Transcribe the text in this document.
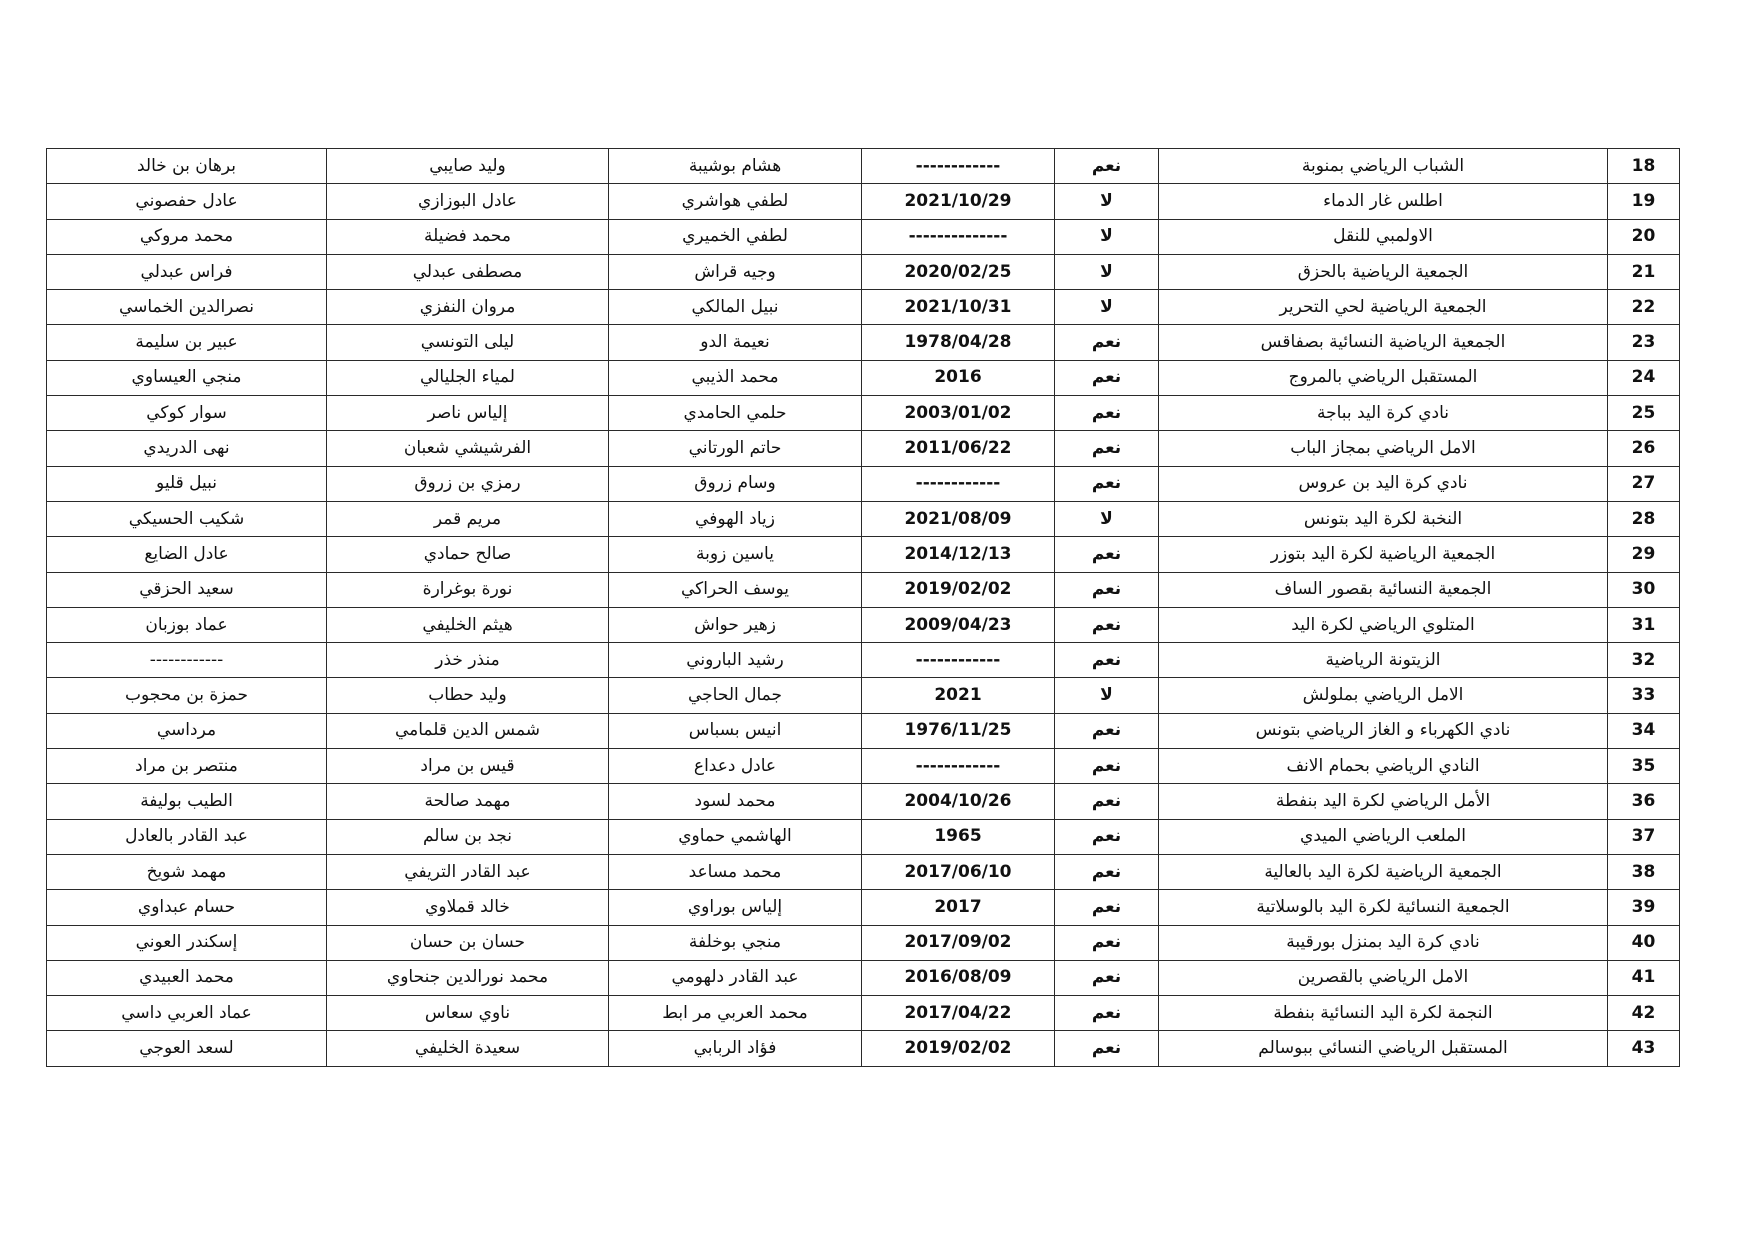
18	الشباب الرياضي بمنوبة	نعم	------------	هشام بوشيبة	وليد صايبي	برهان بن خالد
19	اطلس غار الدماء	لا	2021/10/29	لطفي هواشري	عادل البوزازي	عادل حفصوني
20	الاولمبي للنقل	لا	--------------	لطفي الخميري	محمد فضيلة	محمد مروكي
21	الجمعية الرياضية بالحزق	لا	2020/02/25	وجيه قراش	مصطفى عبدلي	فراس عبدلي
22	الجمعية الرياضية لحي التحرير	لا	2021/10/31	نبيل المالكي	مروان النفزي	نصرالدين الخماسي
23	الجمعية الرياضية النسائية بصفاقس	نعم	1978/04/28	نعيمة الدو	ليلى التونسي	عبير بن سليمة
24	المستقبل الرياضي بالمروج	نعم	2016	محمد الذيبي	لمياء الجليالي	منجي العيساوي
25	نادي كرة اليد بباجة	نعم	2003/01/02	حلمي الحامدي	إلياس ناصر	سوار كوكي
26	الامل الرياضي بمجاز الباب	نعم	2011/06/22	حاتم الورتاني	الفرشيشي شعبان	نهى الدريدي
27	نادي كرة اليد بن عروس	نعم	------------	وسام زروق	رمزي بن زروق	نبيل قليو
28	النخبة لكرة اليد بتونس	لا	2021/08/09	زياد الهوفي	مريم قمر	شكيب الحسيكي
29	الجمعية الرياضية لكرة اليد بتوزر	نعم	2014/12/13	ياسين زوبة	صالح حمادي	عادل الضايع
30	الجمعية النسائية بقصور الساف	نعم	2019/02/02	يوسف الحراكي	نورة بوغرارة	سعيد الحزقي
31	المتلوي الرياضي لكرة اليد	نعم	2009/04/23	زهير حواش	هيثم الخليفي	عماد بوزبان
32	الزيتونة الرياضية	نعم	------------	رشيد الباروني	منذر خذر	------------
33	الامل الرياضي بملولش	لا	2021	جمال الحاجي	وليد حطاب	حمزة بن محجوب
34	نادي الكهرباء و الغاز الرياضي بتونس	نعم	1976/11/25	انيس بسباس	شمس الدين قلمامي	مرداسي
35	النادي الرياضي بحمام الانف	نعم	------------	عادل دعداع	قيس بن مراد	منتصر بن مراد
36	الأمل الرياضي لكرة اليد بنفطة	نعم	2004/10/26	محمد لسود	مهمد صالحة	الطيب بوليفة
37	الملعب الرياضي الميدي	نعم	1965	الهاشمي حماوي	نجد بن سالم	عبد القادر بالعادل
38	الجمعية الرياضية لكرة اليد بالعالية	نعم	2017/06/10	محمد مساعد	عبد القادر التريفي	مهمد شويخ
39	الجمعية النسائية لكرة اليد بالوسلاتية	نعم	2017	إلياس بوراوي	خالد قملاوي	حسام عبداوي
40	نادي كرة اليد بمنزل بورقيبة	نعم	2017/09/02	منجي بوخلفة	حسان بن حسان	إسكندر العوني
41	الامل الرياضي بالقصرين	نعم	2016/08/09	عبد القادر دلهومي	محمد نورالدين جنحاوي	محمد العبيدي
42	النجمة لكرة اليد النسائية بنفطة	نعم	2017/04/22	محمد العربي مر ابط	ناوي سعاس	عماد العربي داسي
43	المستقبل الرياضي النسائي ببوسالم	نعم	2019/02/02	فؤاد الربابي	سعيدة الخليفي	لسعد العوجي
